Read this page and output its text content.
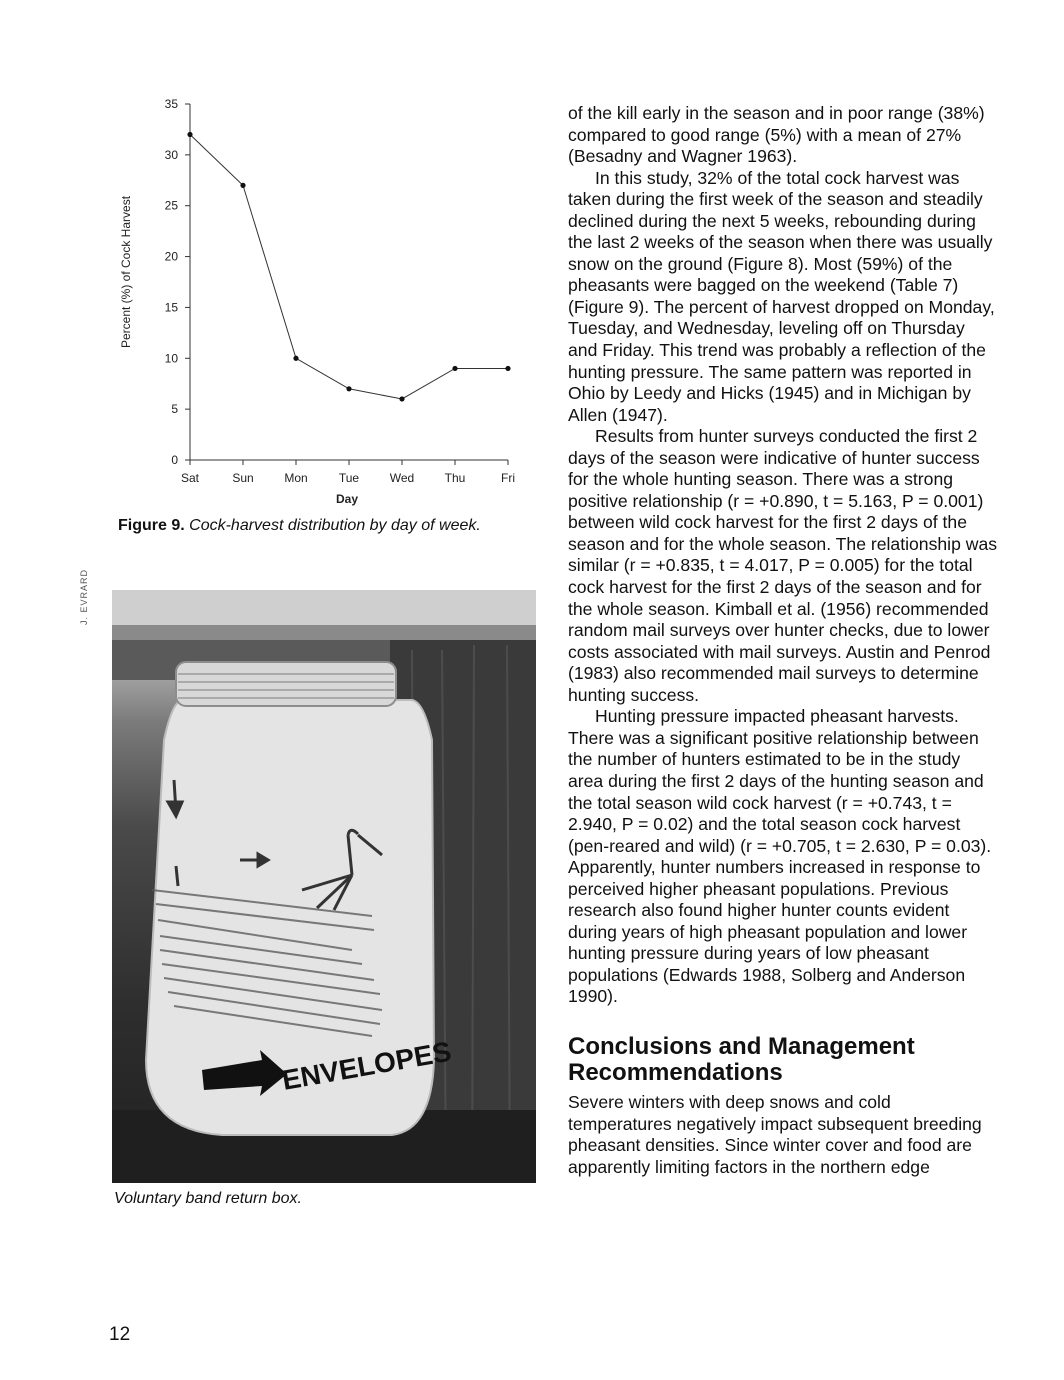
Percent (%) of Cock Harvest
Day
0
5
10
15
20
25
30
35
Sat	Sun	Mon	Tue	Wed	Thu	Fri
Figure 9. Cock-harvest distribution by day of week.
J. EVRARD
ENVELOPES
Voluntary band return box.

of the kill early in the season and in poor range (38%) compared to good range (5%) with a mean of 27% (Besadny and Wagner 1963).

In this study, 32% of the total cock harvest was taken during the first week of the season and steadily declined during the next 5 weeks, rebounding during the last 2 weeks of the season when there was usually snow on the ground (Figure 8). Most (59%) of the pheasants were bagged on the weekend (Table 7) (Figure 9). The percent of harvest dropped on Monday, Tuesday, and Wednesday, leveling off on Thursday and Friday. This trend was probably a reflection of the hunting pressure. The same pattern was reported in Ohio by Leedy and Hicks (1945) and in Michigan by Allen (1947).

Results from hunter surveys conducted the first 2 days of the season were indicative of hunter success for the whole hunting season. There was a strong positive relationship (r = +0.890, t = 5.163, P = 0.001) between wild cock harvest for the first 2 days of the season and for the whole season. The relationship was similar (r = +0.835, t = 4.017, P = 0.005) for the total cock harvest for the first 2 days of the season and for the whole season. Kimball et al. (1956) recommended random mail surveys over hunter checks, due to lower costs associated with mail surveys. Austin and Penrod (1983) also recommended mail surveys to determine hunting success.

Hunting pressure impacted pheasant harvests. There was a significant positive relationship between the number of hunters estimated to be in the study area during the first 2 days of the hunting season and the total season wild cock harvest (r = +0.743, t = 2.940, P = 0.02) and the total season cock harvest (pen-reared and wild) (r = +0.705, t = 2.630, P = 0.03). Apparently, hunter numbers increased in response to perceived higher pheasant populations. Previous research also found higher hunter counts evident during years of high pheasant population and lower hunting pressure during years of low pheasant populations (Edwards 1988, Solberg and Anderson 1990).

Conclusions and Management Recommendations

Severe winters with deep snows and cold temperatures negatively impact subsequent breeding pheasant densities. Since winter cover and food are apparently limiting factors in the northern edge

12
